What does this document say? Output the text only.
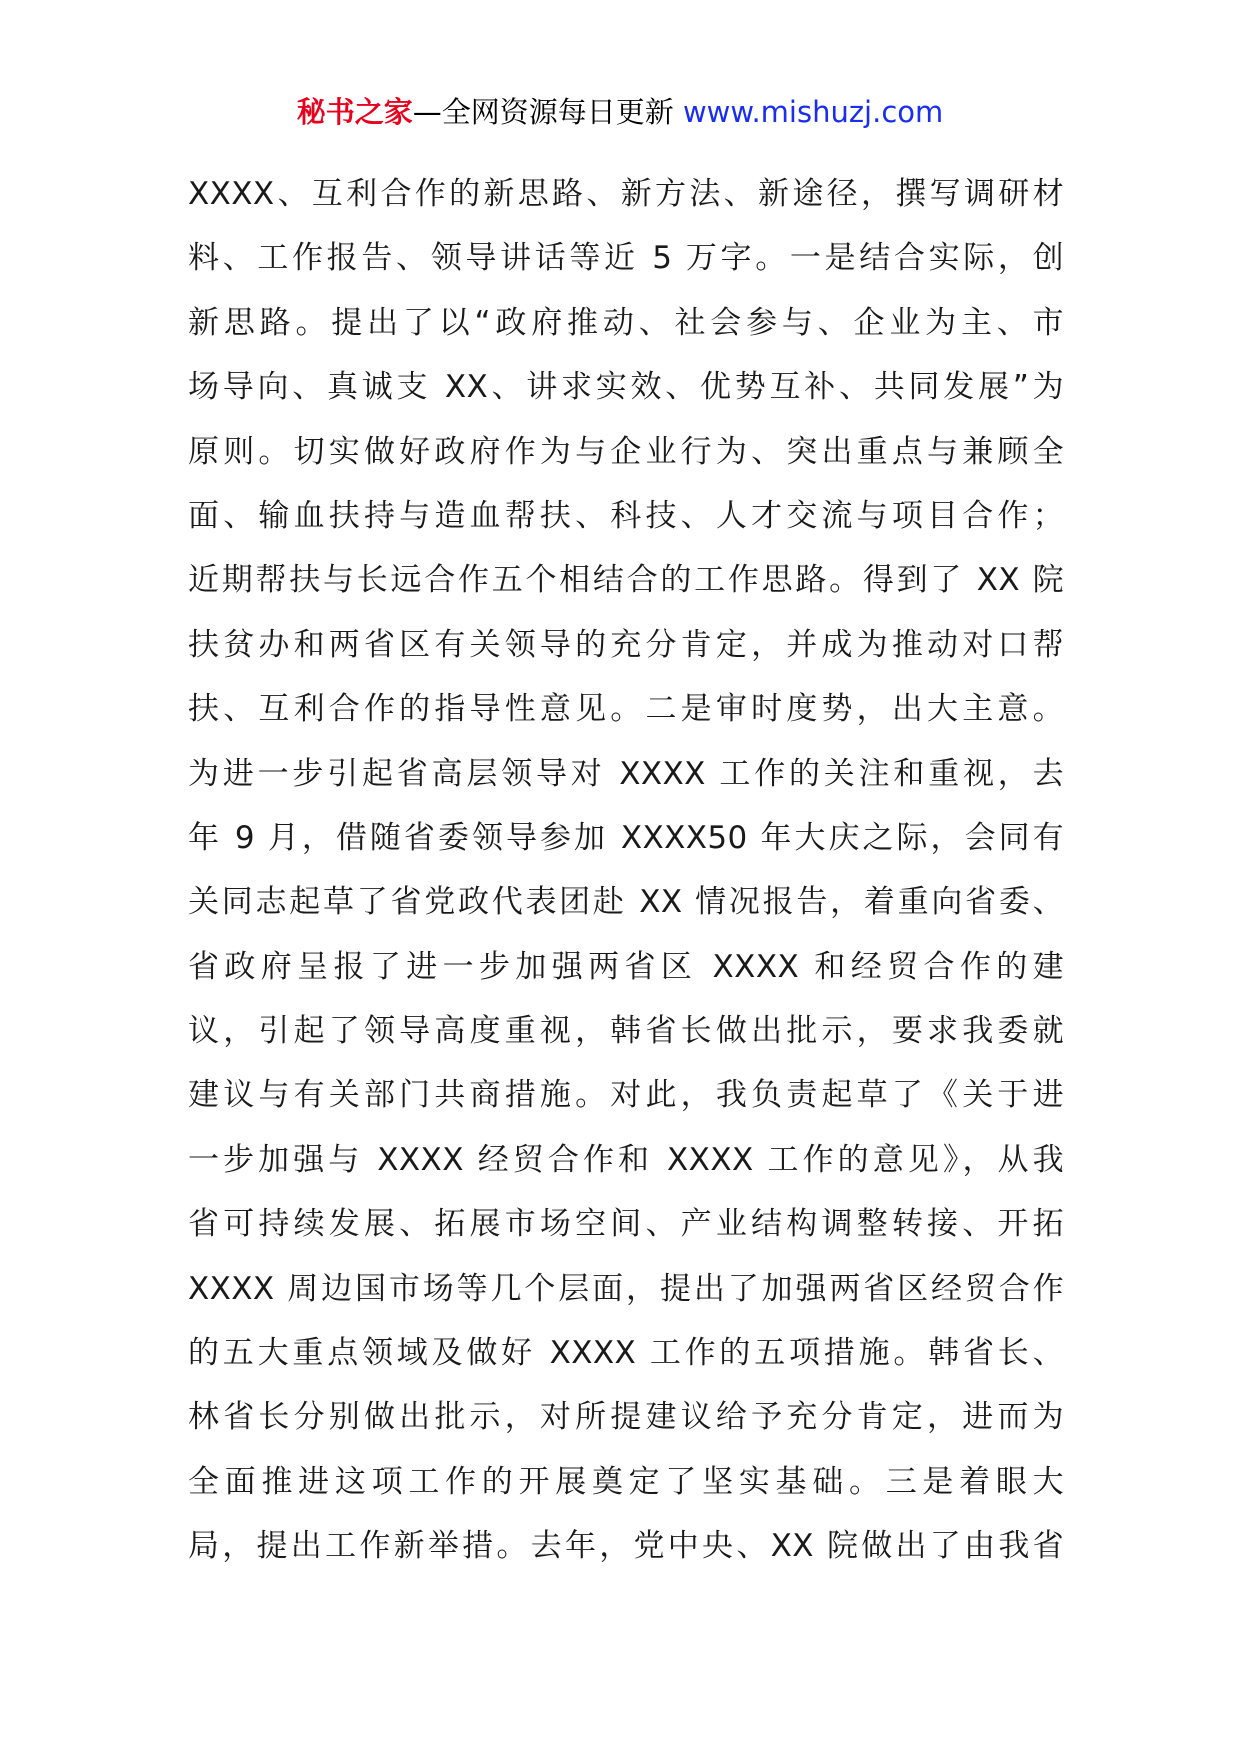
秘书之家—全网资源每日更新 www.mishuzj.com
XXXX、互利合作的新思路、新方法、新途径，撰写调研材
料、工作报告、领导讲话等近 5 万字。一是结合实际，创
新思路。提出了以“政府推动、社会参与、企业为主、市
场导向、真诚支 XX、讲求实效、优势互补、共同发展”为
原则。切实做好政府作为与企业行为、突出重点与兼顾全
面、输血扶持与造血帮扶、科技、人才交流与项目合作；
近期帮扶与长远合作五个相结合的工作思路。得到了 XX 院
扶贫办和两省区有关领导的充分肯定，并成为推动对口帮
扶、互利合作的指导性意见。二是审时度势，出大主意。
为进一步引起省高层领导对 XXXX 工作的关注和重视，去
年 9 月，借随省委领导参加 XXXX50 年大庆之际，会同有
关同志起草了省党政代表团赴 XX 情况报告，着重向省委、
省政府呈报了进一步加强两省区 XXXX 和经贸合作的建
议，引起了领导高度重视，韩省长做出批示，要求我委就
建议与有关部门共商措施。对此，我负责起草了《关于进
一步加强与 XXXX 经贸合作和 XXXX 工作的意见》，从我
省可持续发展、拓展市场空间、产业结构调整转接、开拓
XXXX 周边国市场等几个层面，提出了加强两省区经贸合作
的五大重点领域及做好 XXXX 工作的五项措施。韩省长、
林省长分别做出批示，对所提建议给予充分肯定，进而为
全面推进这项工作的开展奠定了坚实基础。三是着眼大
局，提出工作新举措。去年，党中央、XX 院做出了由我省
